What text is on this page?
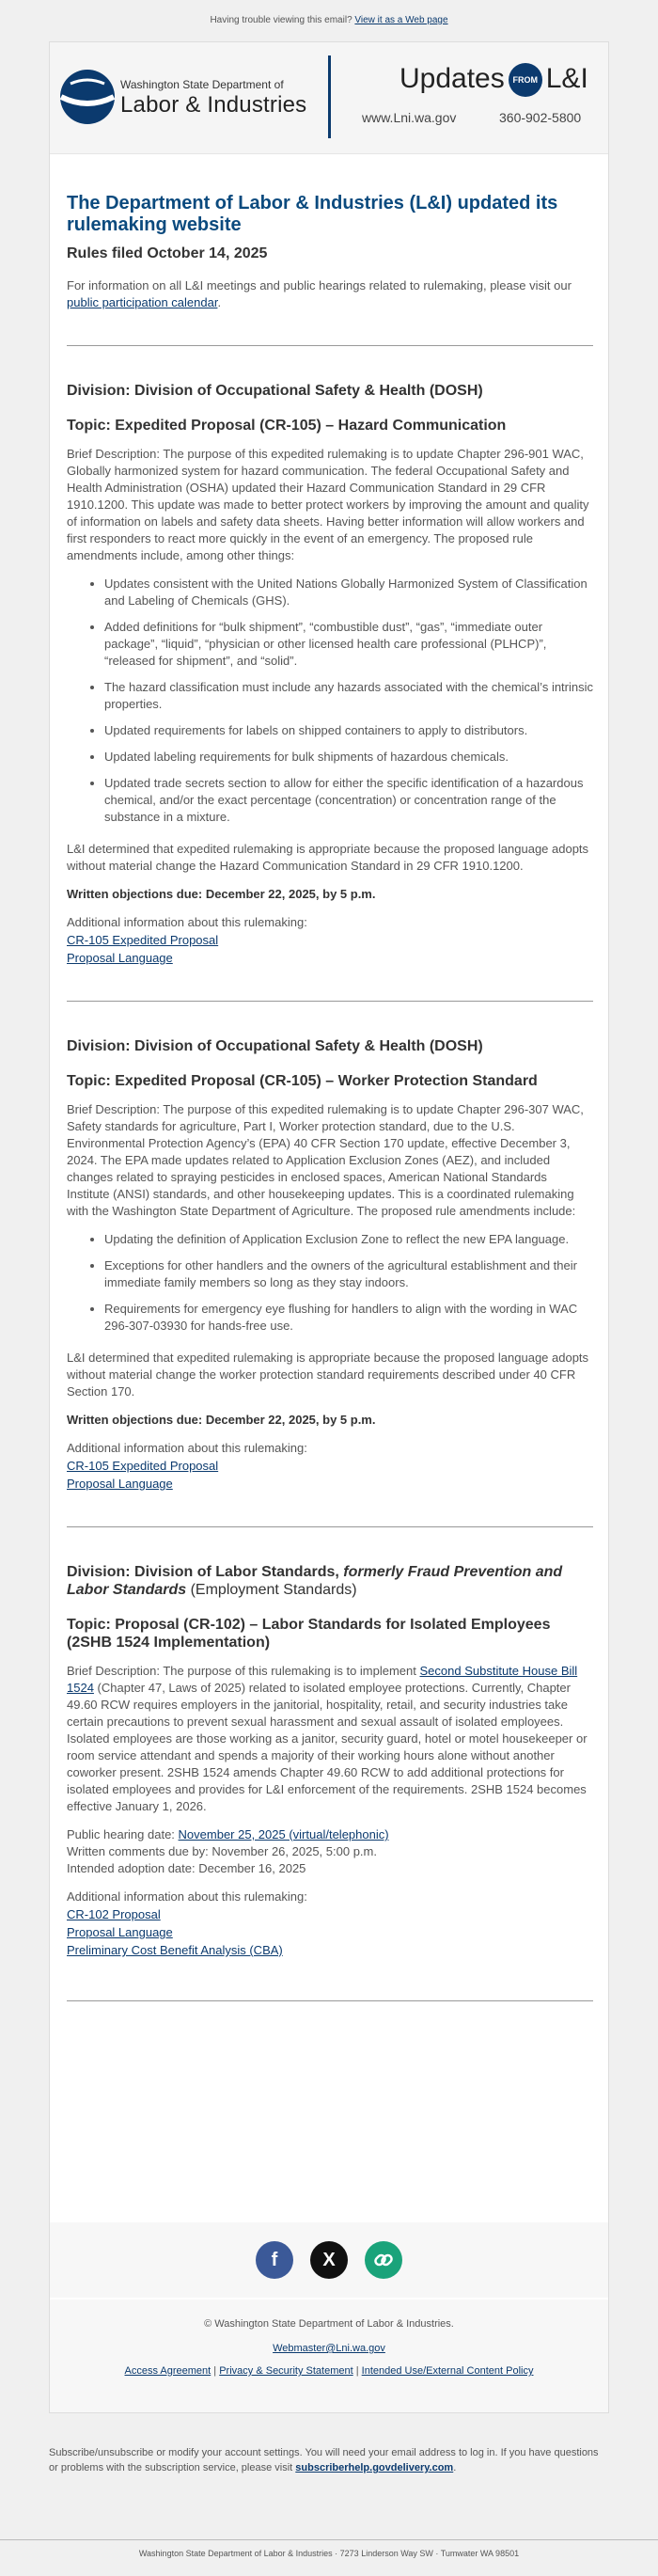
Having trouble viewing this email? View it as a Web page
Washington State Department of
Labor & Industries
Updates FROM L&I
www.Lni.wa.gov	360-902-5800
The Department of Labor & Industries (L&I) updated its rulemaking website
Rules filed October 14, 2025

For information on all L&I meetings and public hearings related to rulemaking, please visit our public participation calendar.

Division: Division of Occupational Safety & Health (DOSH)
Topic: Expedited Proposal (CR-105) – Hazard Communication

Brief Description: The purpose of this expedited rulemaking is to update Chapter 296-901 WAC, Globally harmonized system for hazard communication. The federal Occupational Safety and Health Administration (OSHA) updated their Hazard Communication Standard in 29 CFR 1910.1200. This update was made to better protect workers by improving the amount and quality of information on labels and safety data sheets. Having better information will allow workers and first responders to react more quickly in the event of an emergency. The proposed rule amendments include, among other things:

• Updates consistent with the United Nations Globally Harmonized System of Classification and Labeling of Chemicals (GHS).
• Added definitions for “bulk shipment”, “combustible dust”, “gas”, “immediate outer package”, “liquid”, “physician or other licensed health care professional (PLHCP)”, “released for shipment”, and “solid”.
• The hazard classification must include any hazards associated with the chemical’s intrinsic properties.
• Updated requirements for labels on shipped containers to apply to distributors.
• Updated labeling requirements for bulk shipments of hazardous chemicals.
• Updated trade secrets section to allow for either the specific identification of a hazardous chemical, and/or the exact percentage (concentration) or concentration range of the substance in a mixture.

L&I determined that expedited rulemaking is appropriate because the proposed language adopts without material change the Hazard Communication Standard in 29 CFR 1910.1200.

Written objections due: December 22, 2025, by 5 p.m.

Additional information about this rulemaking:

CR-105 Expedited Proposal
Proposal Language
Division: Division of Occupational Safety & Health (DOSH)
Topic: Expedited Proposal (CR-105) – Worker Protection Standard

Brief Description: The purpose of this expedited rulemaking is to update Chapter 296-307 WAC, Safety standards for agriculture, Part I, Worker protection standard, due to the U.S. Environmental Protection Agency’s (EPA) 40 CFR Section 170 update, effective December 3, 2024. The EPA made updates related to Application Exclusion Zones (AEZ), and included changes related to spraying pesticides in enclosed spaces, American National Standards Institute (ANSI) standards, and other housekeeping updates. This is a coordinated rulemaking with the Washington State Department of Agriculture. The proposed rule amendments include:

• Updating the definition of Application Exclusion Zone to reflect the new EPA language.
• Exceptions for other handlers and the owners of the agricultural establishment and their immediate family members so long as they stay indoors.
• Requirements for emergency eye flushing for handlers to align with the wording in WAC 296-307-03930 for hands-free use.

L&I determined that expedited rulemaking is appropriate because the proposed language adopts without material change the worker protection standard requirements described under 40 CFR Section 170.

Written objections due: December 22, 2025, by 5 p.m.

Additional information about this rulemaking:

CR-105 Expedited Proposal
Proposal Language
Division: Division of Labor Standards, formerly Fraud Prevention and Labor Standards (Employment Standards)
Topic: Proposal (CR-102) – Labor Standards for Isolated Employees (2SHB 1524 Implementation)

Brief Description: The purpose of this rulemaking is to implement Second Substitute House Bill 1524 (Chapter 47, Laws of 2025) related to isolated employee protections. Currently, Chapter 49.60 RCW requires employers in the janitorial, hospitality, retail, and security industries take certain precautions to prevent sexual harassment and sexual assault of isolated employees. Isolated employees are those working as a janitor, security guard, hotel or motel housekeeper or room service attendant and spends a majority of their working hours alone without another coworker present. 2SHB 1524 amends Chapter 49.60 RCW to add additional protections for isolated employees and provides for L&I enforcement of the requirements. 2SHB 1524 becomes effective January 1, 2026.

Public hearing date: November 25, 2025 (virtual/telephonic)

Written comments due by: November 26, 2025, 5:00 p.m.

Intended adoption date: December 16, 2025

Additional information about this rulemaking:

CR-102 Proposal
Proposal Language
Preliminary Cost Benefit Analysis (CBA)
f	X
© Washington State Department of Labor & Industries.
Webmaster@Lni.wa.gov
Access Agreement | Privacy & Security Statement | Intended Use/External Content Policy
Subscribe/unsubscribe or modify your account settings. You will need your email address to log in. If you have questions or problems with the subscription service, please visit subscriberhelp.govdelivery.com.
Washington State Department of Labor & Industries · 7273 Linderson Way SW · Tumwater WA 98501
